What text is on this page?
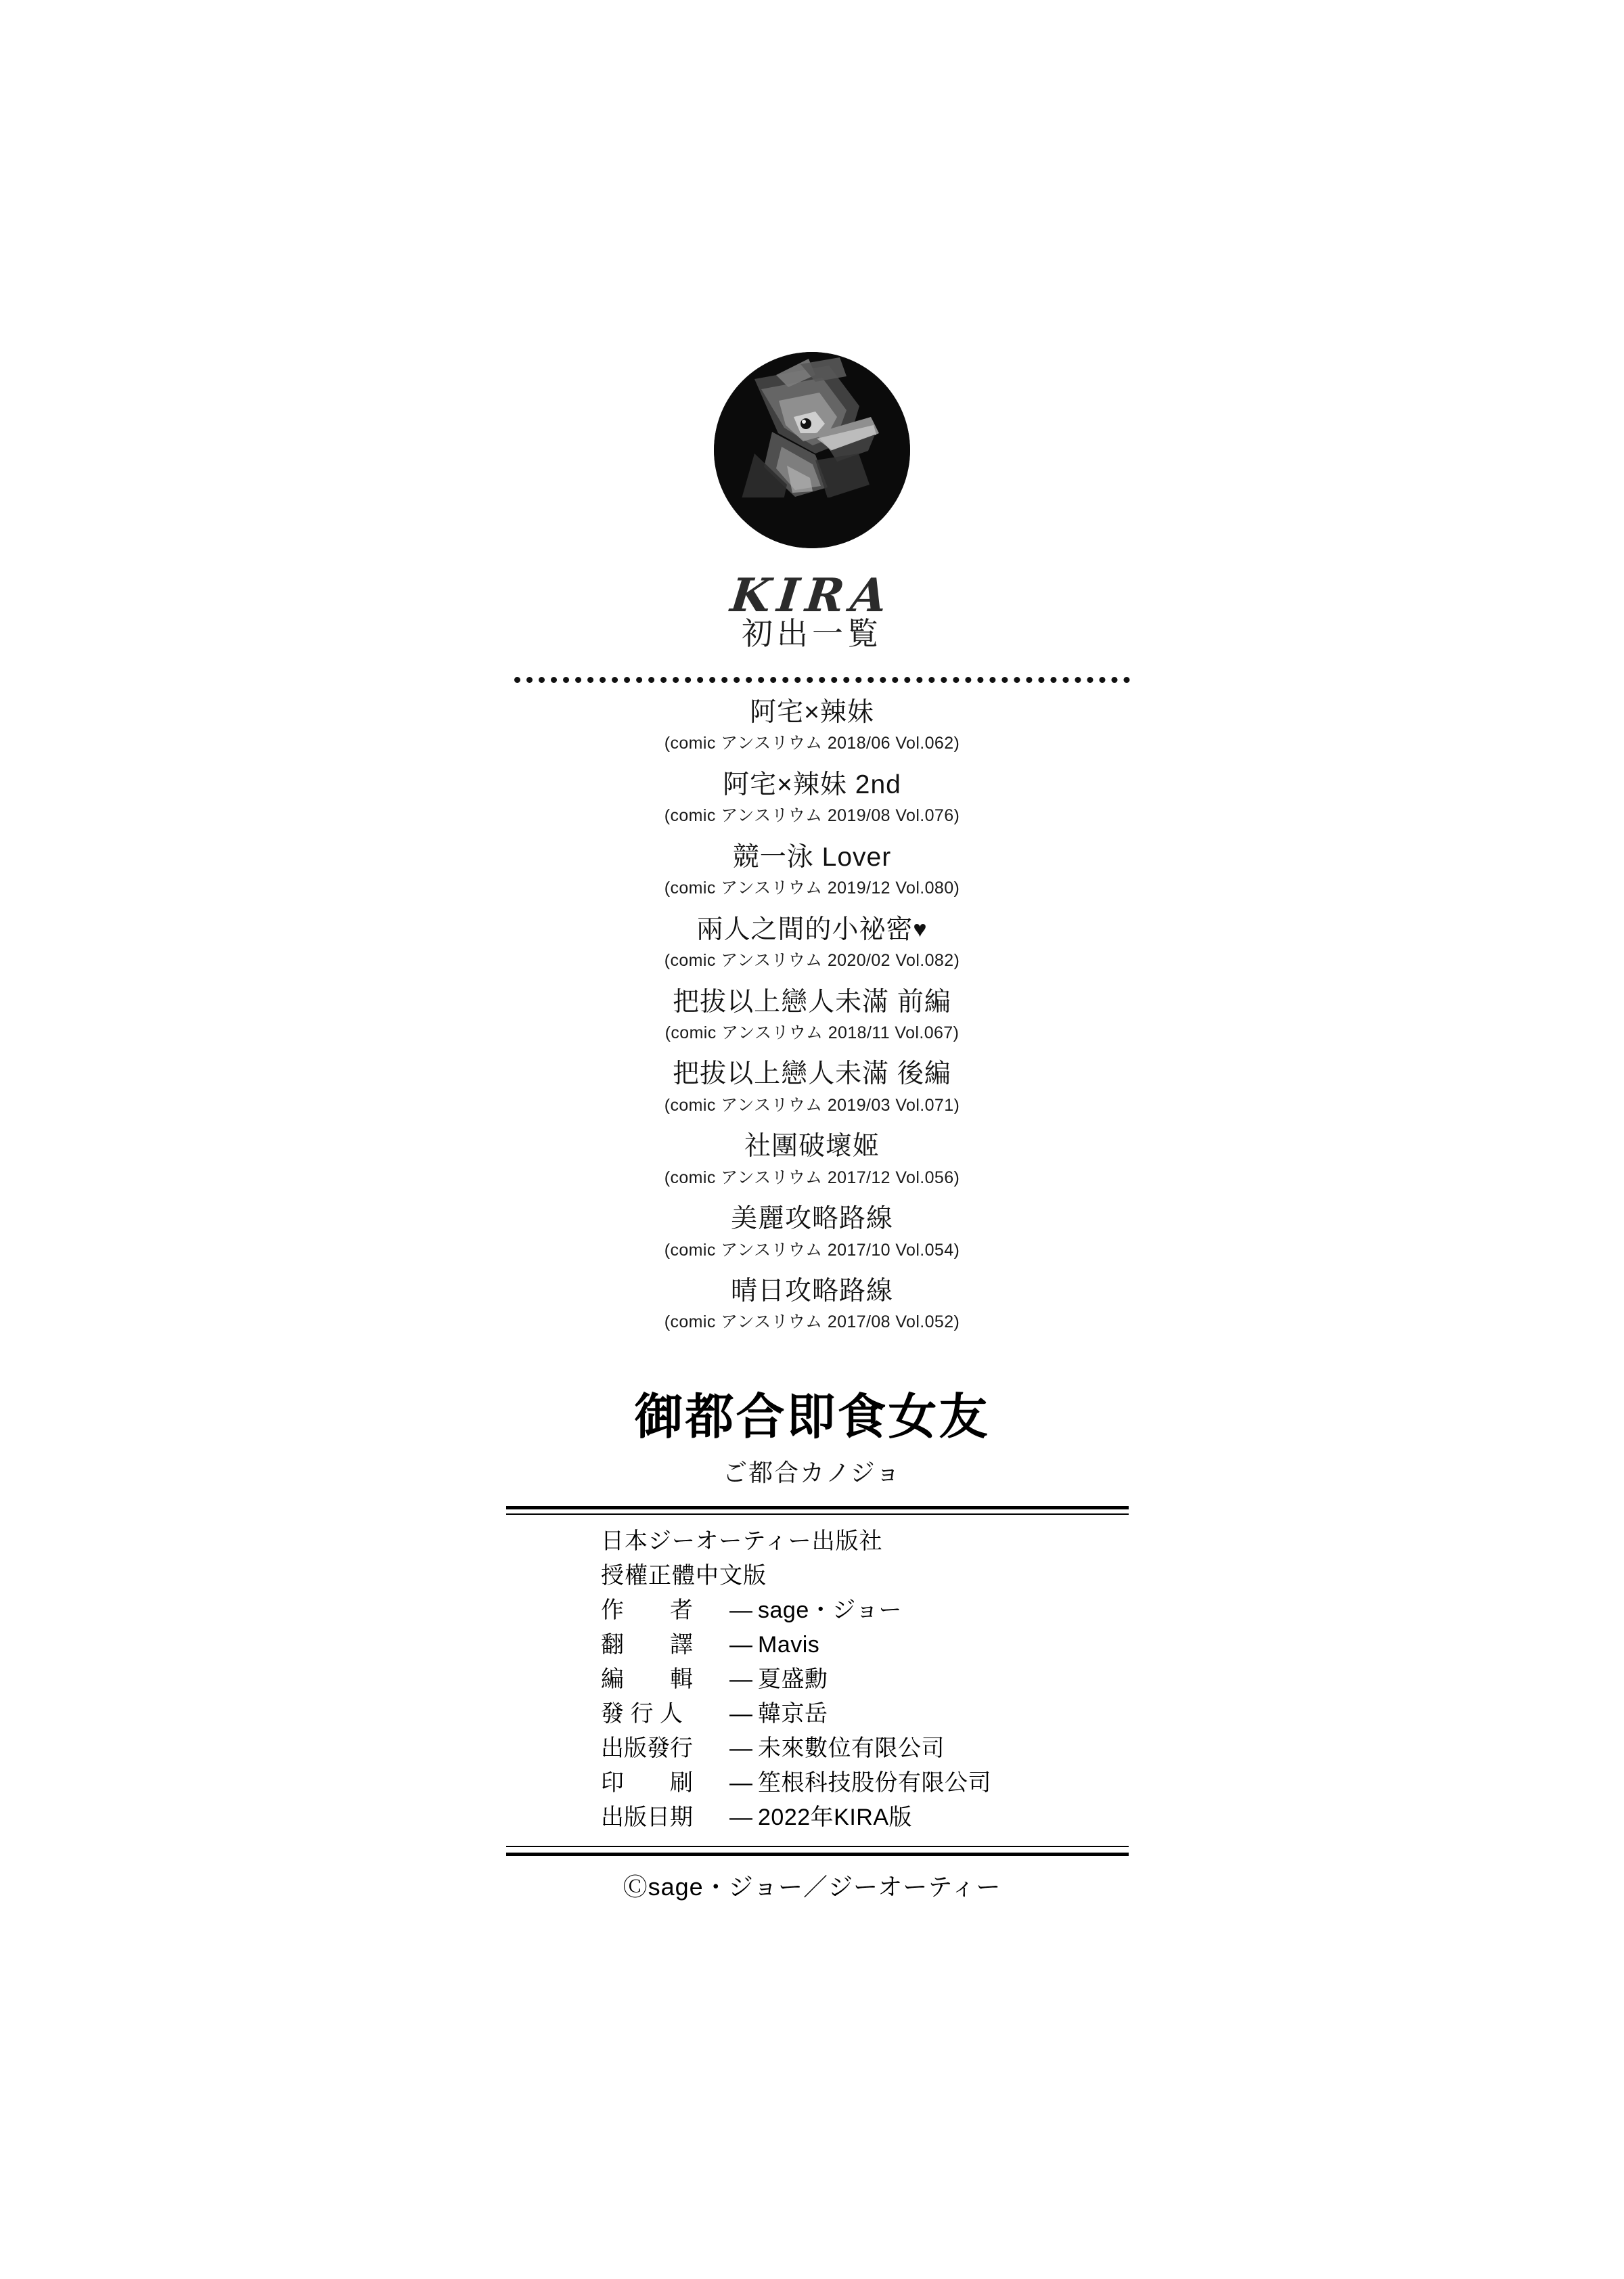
KIRA
初出一覧
阿宅×辣妹
(comic アンスリウム 2018/06 Vol.062)
阿宅×辣妹 2nd
(comic アンスリウム 2019/08 Vol.076)
競一泳 Lover
(comic アンスリウム 2019/12 Vol.080)
兩人之間的小祕密♥
(comic アンスリウム 2020/02 Vol.082)
把拔以上戀人未滿 前編
(comic アンスリウム 2018/11 Vol.067)
把拔以上戀人未滿 後編
(comic アンスリウム 2019/03 Vol.071)
社團破壞姬
(comic アンスリウム 2017/12 Vol.056)
美麗攻略路線
(comic アンスリウム 2017/10 Vol.054)
晴日攻略路線
(comic アンスリウム 2017/08 Vol.052)
御都合即食女友
ご都合カノジョ
日本ジーオーティー出版社
授權正體中文版
作　　者	— sage・ジョー
翻　　譯	— Mavis
編　　輯	— 夏盛勳
發 行 人	— 韓京岳
出版發行	— 未來數位有限公司
印　　刷	— 笙根科技股份有限公司
出版日期	— 2022年KIRA版
Ⓒsage・ジョー／ジーオーティー
